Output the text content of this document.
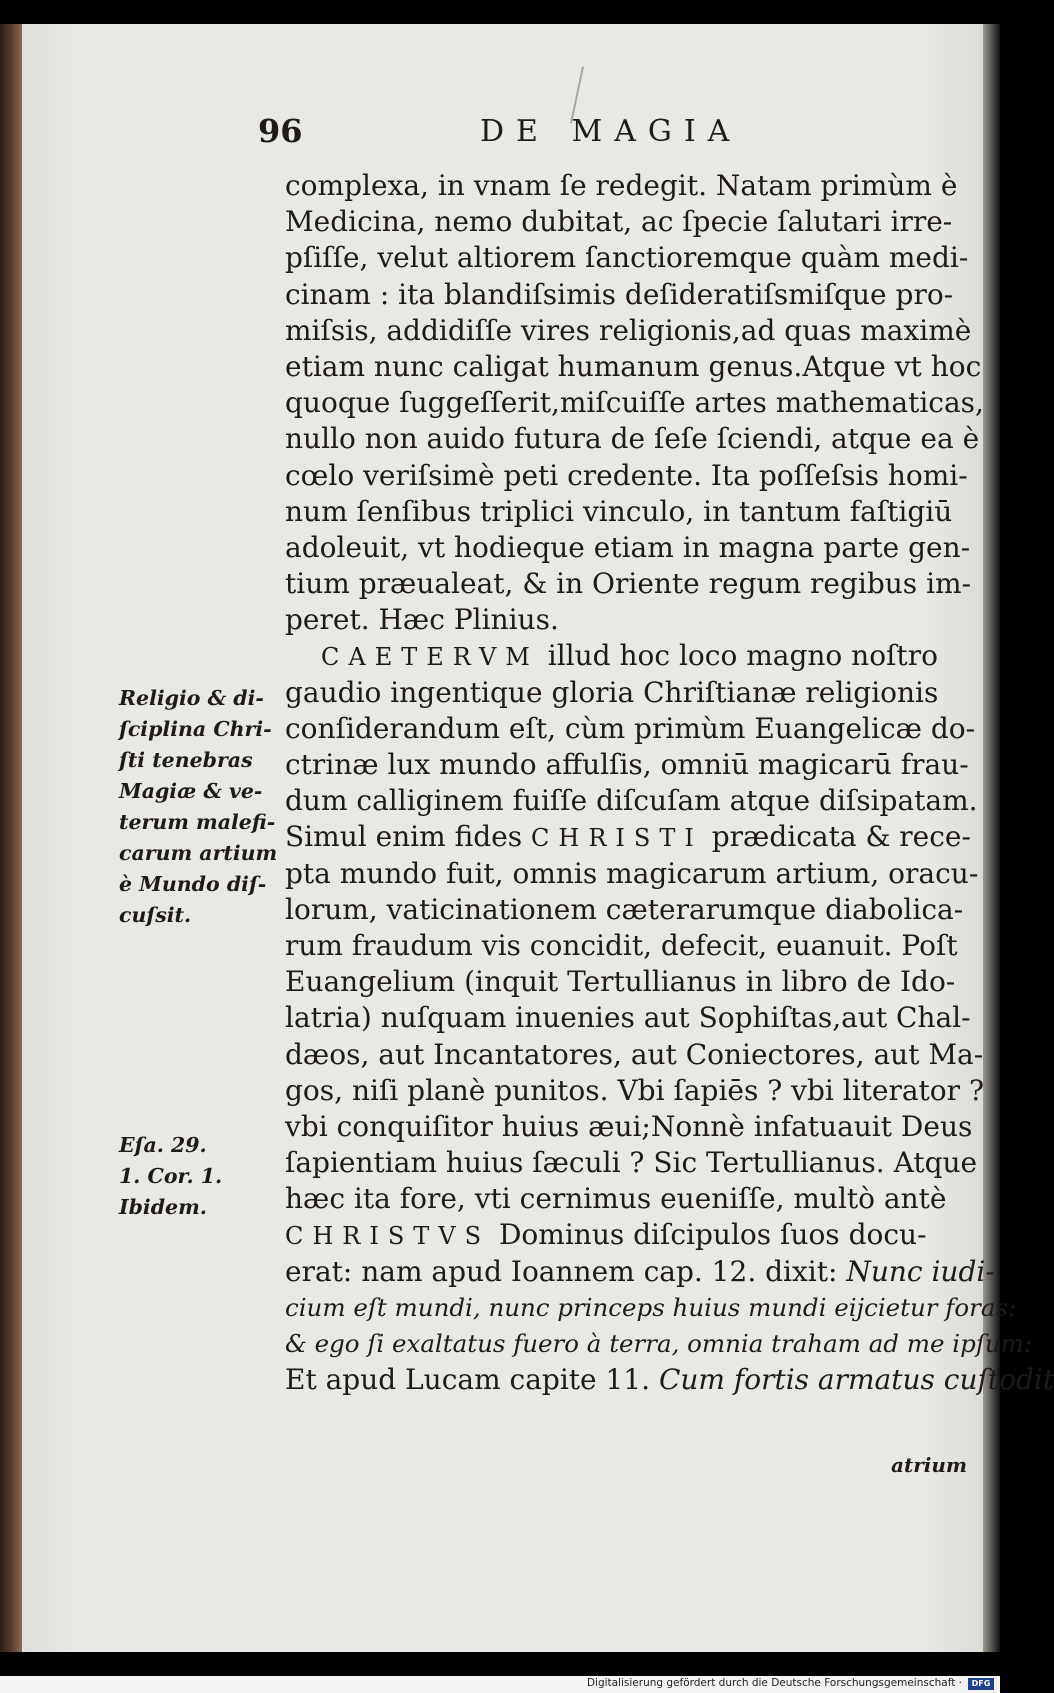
96	DE MAGIA
complexa, in vnam ſe redegit. Natam primùm è
Medicina, nemo dubitat, ac ſpecie ſalutari irre-
pſiſſe, velut altiorem ſanctioremque quàm medi-
cinam : ita blandiſsimis deſideratiſsmiſque pro-
miſsis, addidiſſe vires religionis,ad quas maximè
etiam nunc caligat humanum genus.Atque vt hoc
quoque ſuggeſſerit,miſcuiſſe artes mathematicas,
nullo non auido futura de ſeſe ſciendi, atque ea è
cœlo veriſsimè peti credente. Ita poſſeſsis homi-
num ſenſibus triplici vinculo, in tantum faſtigiū
adoleuit, vt hodieque etiam in magna parte gen-
tium præualeat, & in Oriente regum regibus im-
peret. Hæc Plinius.
CAETERVM illud hoc loco magno noſtro
gaudio ingentique gloria Chriſtianæ religionis
conſiderandum eſt, cùm primùm Euangelicæ do-
ctrinæ lux mundo affulſis, omniū magicarū frau-
dum calliginem fuiſſe diſcuſam atque diſsipatam.
Simul enim fides CHRISTI prædicata & rece-
pta mundo fuit, omnis magicarum artium, oracu-
lorum, vaticinationem cæterarumque diabolica-
rum fraudum vis concidit, defecit, euanuit. Poſt
Euangelium (inquit Tertullianus in libro de Ido-
latria) nuſquam inuenies aut Sophiſtas,aut Chal-
dæos, aut Incantatores, aut Coniectores, aut Ma-
gos, niſi planè punitos. Vbi ſapiēs ? vbi literator ?
vbi conquiſitor huius æui;Nonnè infatuauit Deus
ſapientiam huius ſæculi ? Sic Tertullianus. Atque
hæc ita fore, vti cernimus eueniſſe, multò antè
CHRISTVS Dominus diſcipulos ſuos docu-
erat: nam apud Ioannem cap. 12. dixit: Nunc iudi-
cium eſt mundi, nunc princeps huius mundi eijcietur foras:
& ego ſi exaltatus fuero à terra, omnia traham ad me ipſum:
Et apud Lucam capite 11. Cum fortis armatus cuſtodit
atrium
Religio & di-
ſciplina Chri-
ſti tenebras
Magiæ & ve-
terum malefi-
carum artium
è Mundo diſ-
cuſsit.
Eſa. 29.
1. Cor. 1.
Ibidem.
Digitalisierung gefördert durch die Deutsche Forschungsgemeinschaft ·	DFG
